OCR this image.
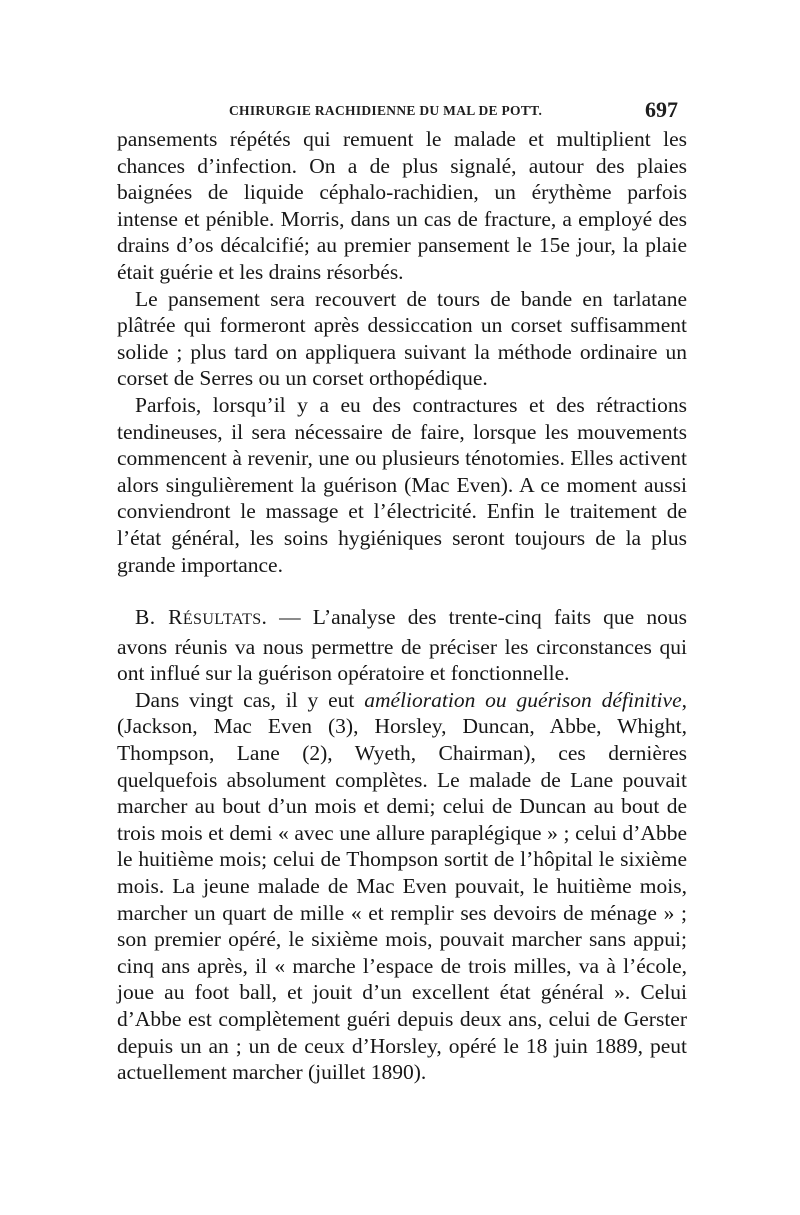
CHIRURGIE RACHIDIENNE DU MAL DE POTT.	697

pansements répétés qui remuent le malade et multiplient les chances d’infection. On a de plus signalé, autour des plaies baignées de liquide céphalo-rachidien, un érythème parfois intense et pénible. Morris, dans un cas de fracture, a employé des drains d’os décalcifié; au premier pansement le 15e jour, la plaie était guérie et les drains résorbés.

Le pansement sera recouvert de tours de bande en tarlatane plâtrée qui formeront après dessiccation un corset suffisamment solide ; plus tard on appliquera suivant la méthode ordinaire un corset de Serres ou un corset orthopédique.

Parfois, lorsqu’il y a eu des contractures et des rétractions tendineuses, il sera nécessaire de faire, lorsque les mouvements commencent à revenir, une ou plusieurs ténotomies. Elles activent alors singulièrement la guérison (Mac Even). A ce moment aussi conviendront le massage et l’électricité. Enfin le traitement de l’état général, les soins hygiéniques seront toujours de la plus grande importance.

B. RÉSULTATS. — L’analyse des trente-cinq faits que nous avons réunis va nous permettre de préciser les circonstances qui ont influé sur la guérison opératoire et fonctionnelle.

Dans vingt cas, il y eut amélioration ou guérison définitive, (Jackson, Mac Even (3), Horsley, Duncan, Abbe, Whight, Thompson, Lane (2), Wyeth, Chairman), ces dernières quelquefois absolument complètes. Le malade de Lane pouvait marcher au bout d’un mois et demi; celui de Duncan au bout de trois mois et demi « avec une allure paraplégique » ; celui d’Abbe le huitième mois; celui de Thompson sortit de l’hôpital le sixième mois. La jeune malade de Mac Even pouvait, le huitième mois, marcher un quart de mille « et remplir ses devoirs de ménage » ; son premier opéré, le sixième mois, pouvait marcher sans appui; cinq ans après, il « marche l’espace de trois milles, va à l’école, joue au foot ball, et jouit d’un excellent état général ». Celui d’Abbe est complètement guéri depuis deux ans, celui de Gerster depuis un an ; un de ceux d’Horsley, opéré le 18 juin 1889, peut actuellement marcher (juillet 1890).
